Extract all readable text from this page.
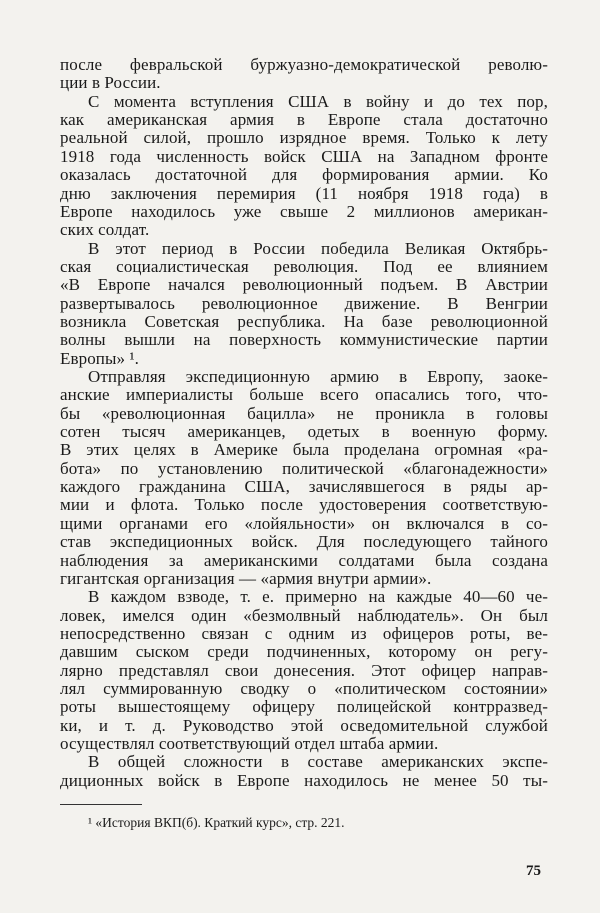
после февральской буржуазно-демократической револю-
ции в России.
С момента вступления США в войну и до тех пор,
как американская армия в Европе стала достаточно
реальной силой, прошло изрядное время. Только к лету
1918 года численность войск США на Западном фронте
оказалась достаточной для формирования армии. Ко
дню заключения перемирия (11 ноября 1918 года) в
Европе находилось уже свыше 2 миллионов американ-
ских солдат.
В этот период в России победила Великая Октябрь-
ская социалистическая революция. Под ее влиянием
«В Европе начался революционный подъем. В Австрии
развертывалось революционное движение. В Венгрии
возникла Советская республика. На базе революционной
волны вышли на поверхность коммунистические партии
Европы» ¹.
Отправляя экспедиционную армию в Европу, заоке-
анские империалисты больше всего опасались того, что-
бы «революционная бацилла» не проникла в головы
сотен тысяч американцев, одетых в военную форму.
В этих целях в Америке была проделана огромная «ра-
бота» по установлению политической «благонадежности»
каждого гражданина США, зачислявшегося в ряды ар-
мии и флота. Только после удостоверения соответствую-
щими органами его «лойяльности» он включался в со-
став экспедиционных войск. Для последующего тайного
наблюдения за американскими солдатами была создана
гигантская организация — «армия внутри армии».
В каждом взводе, т. е. примерно на каждые 40—60 че-
ловек, имелся один «безмолвный наблюдатель». Он был
непосредственно связан с одним из офицеров роты, ве-
давшим сыском среди подчиненных, которому он регу-
лярно представлял свои донесения. Этот офицер направ-
лял суммированную сводку о «политическом состоянии»
роты вышестоящему офицеру полицейской контрразвед-
ки, и т. д. Руководство этой осведомительной службой
осуществлял соответствующий отдел штаба армии.
В общей сложности в составе американских экспе-
диционных войск в Европе находилось не менее 50 ты-
¹ «История ВКП(б). Краткий курс», стр. 221.
75
